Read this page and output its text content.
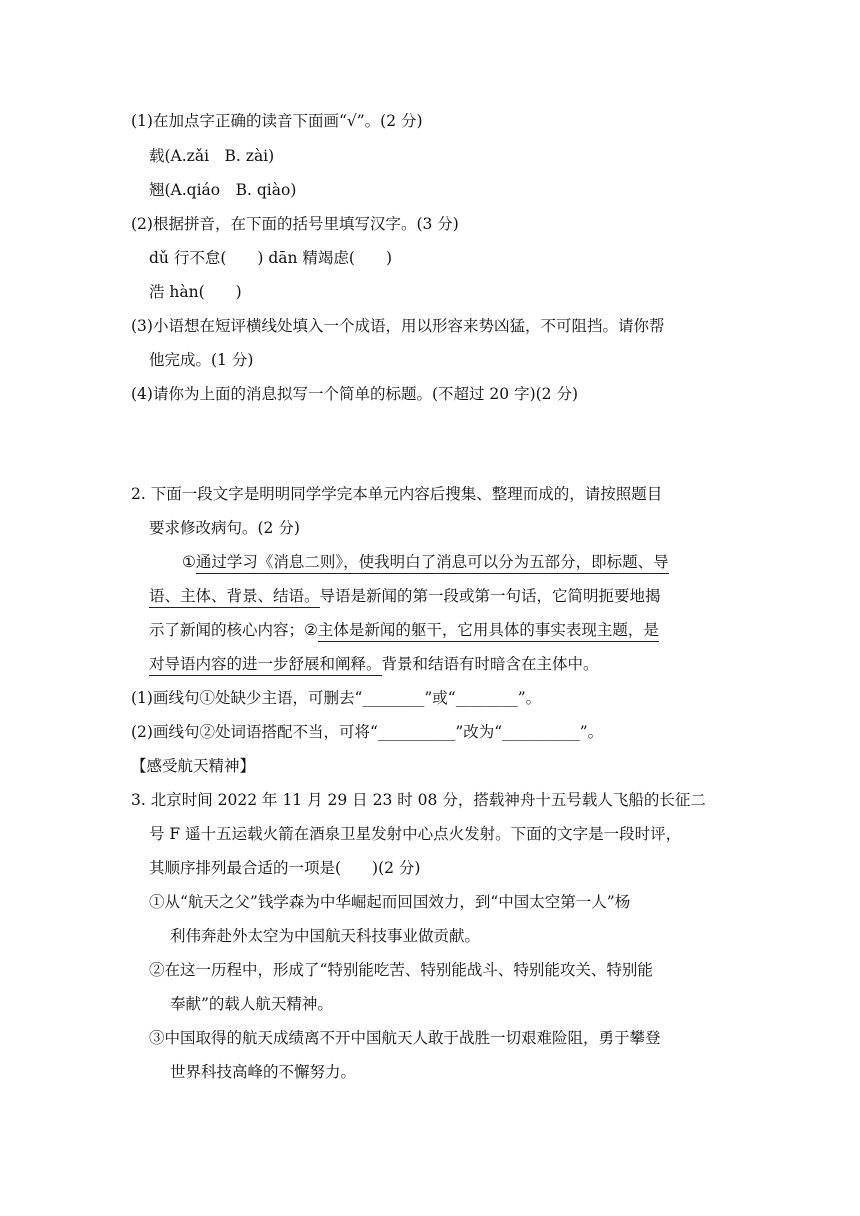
(1)在加点字正确的读音下面画“√”。(2 分)
载(A.zǎi　B. zài)
翘(A.qiáo　B. qiào)
(2)根据拼音，在下面的括号里填写汉字。(3 分)
dǔ 行不怠(　　) dān 精竭虑(　　)
浩 hàn(　　)
(3)小语想在短评横线处填入一个成语，用以形容来势凶猛，不可阻挡。请你帮
他完成。(1 分)
(4)请你为上面的消息拟写一个简单的标题。(不超过 20 字)(2 分)
2. 下面一段文字是明明同学学完本单元内容后搜集、整理而成的，请按照题目
要求修改病句。(2 分)
①通过学习《消息二则》，使我明白了消息可以分为五部分，即标题、导
语、主体、背景、结语。导语是新闻的第一段或第一句话，它简明扼要地揭
示了新闻的核心内容；②主体是新闻的躯干，它用具体的事实表现主题，是
对导语内容的进一步舒展和阐释。背景和结语有时暗含在主体中。
(1)画线句①处缺少主语，可删去“________”或“________”。
(2)画线句②处词语搭配不当，可将“__________”改为“__________”。
【感受航天精神】
3. 北京时间 2022 年 11 月 29 日 23 时 08 分，搭载神舟十五号载人飞船的长征二
号 F 遥十五运载火箭在酒泉卫星发射中心点火发射。下面的文字是一段时评，
其顺序排列最合适的一项是(　　)(2 分)
①从“航天之父”钱学森为中华崛起而回国效力，到“中国太空第一人”杨
利伟奔赴外太空为中国航天科技事业做贡献。
②在这一历程中，形成了“特别能吃苦、特别能战斗、特别能攻关、特别能
奉献”的载人航天精神。
③中国取得的航天成绩离不开中国航天人敢于战胜一切艰难险阻，勇于攀登
世界科技高峰的不懈努力。
